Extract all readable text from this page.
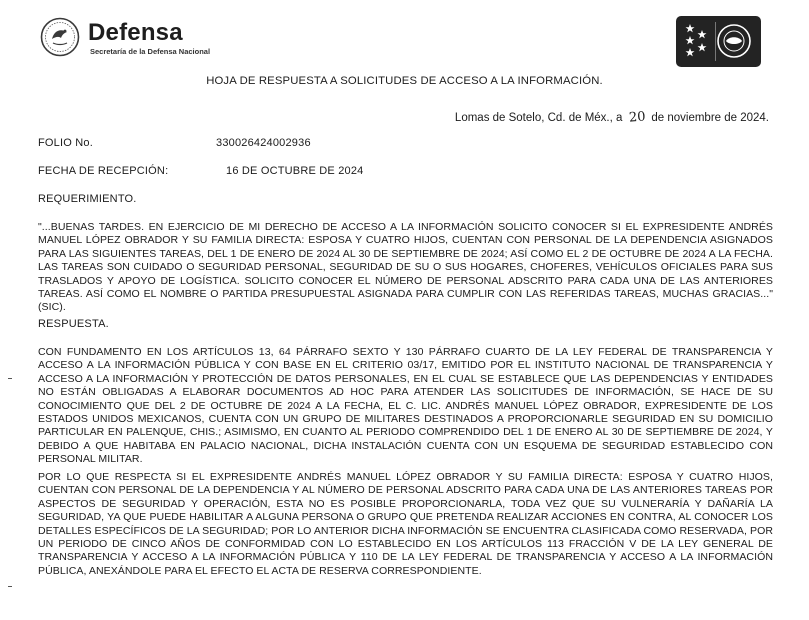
Defensa
Secretaría de la Defensa Nacional
HOJA DE RESPUESTA A SOLICITUDES DE ACCESO A LA INFORMACIÓN.
Lomas de Sotelo, Cd. de Méx., a 20 de noviembre de 2024.
FOLIO No.	330026424002936
FECHA DE RECEPCIÓN:	16 DE OCTUBRE DE 2024
REQUERIMIENTO.
"...BUENAS TARDES. EN EJERCICIO DE MI DERECHO DE ACCESO A LA INFORMACIÓN SOLICITO CONOCER SI EL EXPRESIDENTE ANDRÉS MANUEL LÓPEZ OBRADOR Y SU FAMILIA DIRECTA: ESPOSA Y CUATRO HIJOS, CUENTAN CON PERSONAL DE LA DEPENDENCIA ASIGNADOS PARA LAS SIGUIENTES TAREAS, DEL 1 DE ENERO DE 2024 AL 30 DE SEPTIEMBRE DE 2024; ASÍ COMO EL 2 DE OCTUBRE DE 2024 A LA FECHA. LAS TAREAS SON CUIDADO O SEGURIDAD PERSONAL, SEGURIDAD DE SU O SUS HOGARES, CHOFERES, VEHÍCULOS OFICIALES PARA SUS TRASLADOS Y APOYO DE LOGÍSTICA. SOLICITO CONOCER EL NÚMERO DE PERSONAL ADSCRITO PARA CADA UNA DE LAS ANTERIORES TAREAS. ASÍ COMO EL NOMBRE O PARTIDA PRESUPUESTAL ASIGNADA PARA CUMPLIR CON LAS REFERIDAS TAREAS, MUCHAS GRACIAS..." (SIC).
RESPUESTA.
CON FUNDAMENTO EN LOS ARTÍCULOS 13, 64 PÁRRAFO SEXTO Y 130 PÁRRAFO CUARTO DE LA LEY FEDERAL DE TRANSPARENCIA Y ACCESO A LA INFORMACIÓN PÚBLICA Y CON BASE EN EL CRITERIO 03/17, EMITIDO POR EL INSTITUTO NACIONAL DE TRANSPARENCIA Y ACCESO A LA INFORMACIÓN Y PROTECCIÓN DE DATOS PERSONALES, EN EL CUAL SE ESTABLECE QUE LAS DEPENDENCIAS Y ENTIDADES NO ESTÁN OBLIGADAS A ELABORAR DOCUMENTOS AD HOC PARA ATENDER LAS SOLICITUDES DE INFORMACIÓN, SE HACE DE SU CONOCIMIENTO QUE DEL 2 DE OCTUBRE DE 2024 A LA FECHA, EL C. LIC. ANDRÉS MANUEL LÓPEZ OBRADOR, EXPRESIDENTE DE LOS ESTADOS UNIDOS MEXICANOS, CUENTA CON UN GRUPO DE MILITARES DESTINADOS A PROPORCIONARLE SEGURIDAD EN SU DOMICILIO PARTICULAR EN PALENQUE, CHIS.; ASIMISMO, EN CUANTO AL PERIODO COMPRENDIDO DEL 1 DE ENERO AL 30 DE SEPTIEMBRE DE 2024, Y DEBIDO A QUE HABITABA EN PALACIO NACIONAL, DICHA INSTALACIÓN CUENTA CON UN ESQUEMA DE SEGURIDAD ESTABLECIDO CON PERSONAL MILITAR.
POR LO QUE RESPECTA SI EL EXPRESIDENTE ANDRÉS MANUEL LÓPEZ OBRADOR Y SU FAMILIA DIRECTA: ESPOSA Y CUATRO HIJOS, CUENTAN CON PERSONAL DE LA DEPENDENCIA Y AL NÚMERO DE PERSONAL ADSCRITO PARA CADA UNA DE LAS ANTERIORES TAREAS POR ASPECTOS DE SEGURIDAD Y OPERACIÓN, ESTA NO ES POSIBLE PROPORCIONARLA, TODA VEZ QUE SU VULNERARÍA Y DAÑARÍA LA SEGURIDAD, YA QUE PUEDE HABILITAR A ALGUNA PERSONA O GRUPO QUE PRETENDA REALIZAR ACCIONES EN CONTRA, AL CONOCER LOS DETALLES ESPECÍFICOS DE LA SEGURIDAD; POR LO ANTERIOR DICHA INFORMACIÓN SE ENCUENTRA CLASIFICADA COMO RESERVADA, POR UN PERIODO DE CINCO AÑOS DE CONFORMIDAD CON LO ESTABLECIDO EN LOS ARTÍCULOS 113 FRACCIÓN V DE LA LEY GENERAL DE TRANSPARENCIA Y ACCESO A LA INFORMACIÓN PÚBLICA Y 110 DE LA LEY FEDERAL DE TRANSPARENCIA Y ACCESO A LA INFORMACIÓN PÚBLICA, ANEXÁNDOLE PARA EL EFECTO EL ACTA DE RESERVA CORRESPONDIENTE.
